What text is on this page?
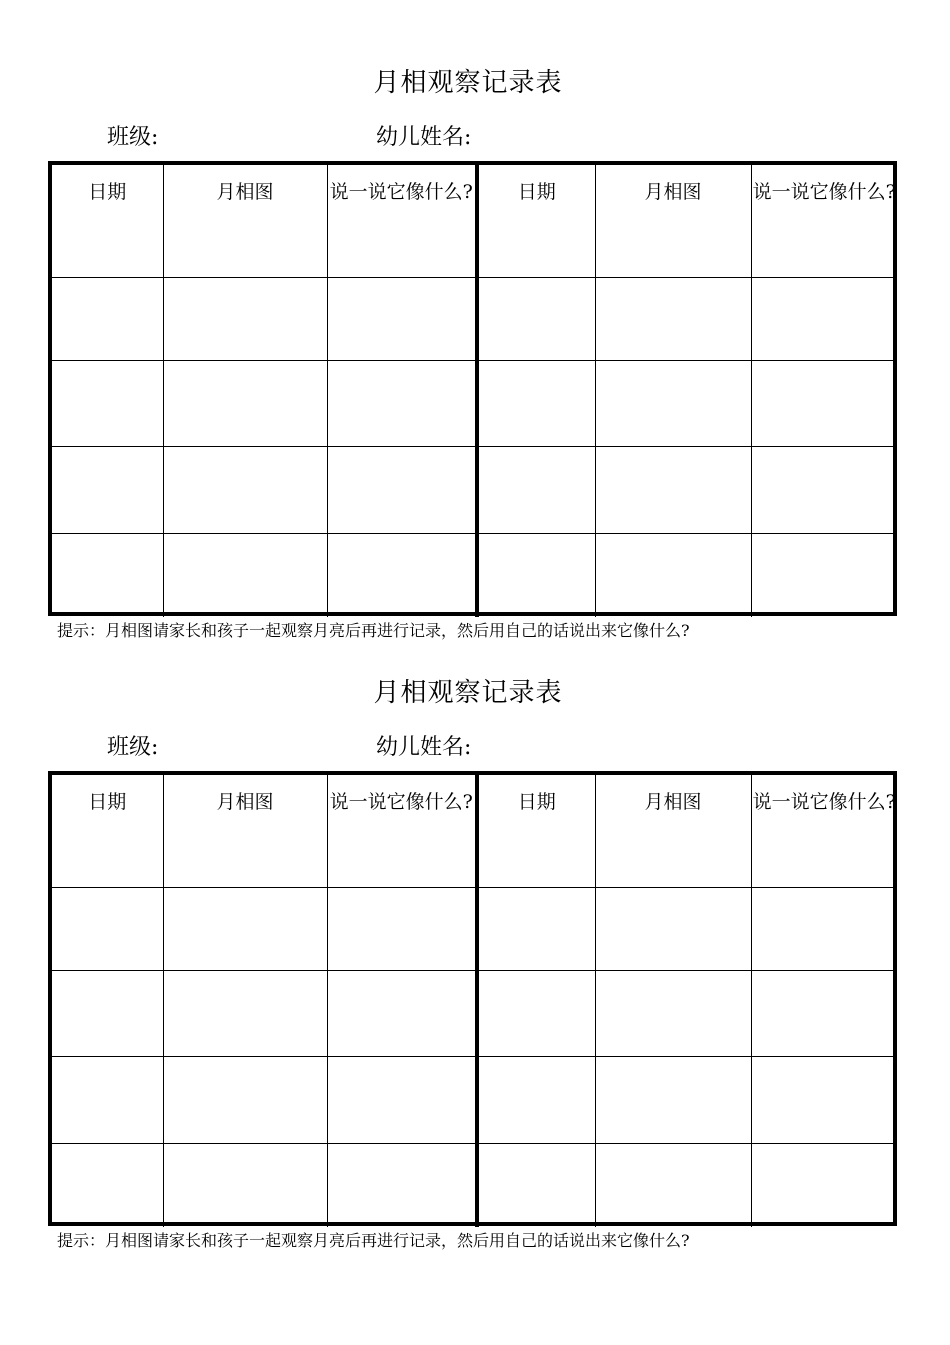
月相观察记录表
班级:	幼儿姓名:
日期	月相图	说一说它像什么?	日期	月相图	说一说它像什么?

提示：月相图请家长和孩子一起观察月亮后再进行记录，然后用自己的话说出来它像什么?
月相观察记录表
班级:	幼儿姓名:
日期	月相图	说一说它像什么?	日期	月相图	说一说它像什么?

提示：月相图请家长和孩子一起观察月亮后再进行记录，然后用自己的话说出来它像什么?
